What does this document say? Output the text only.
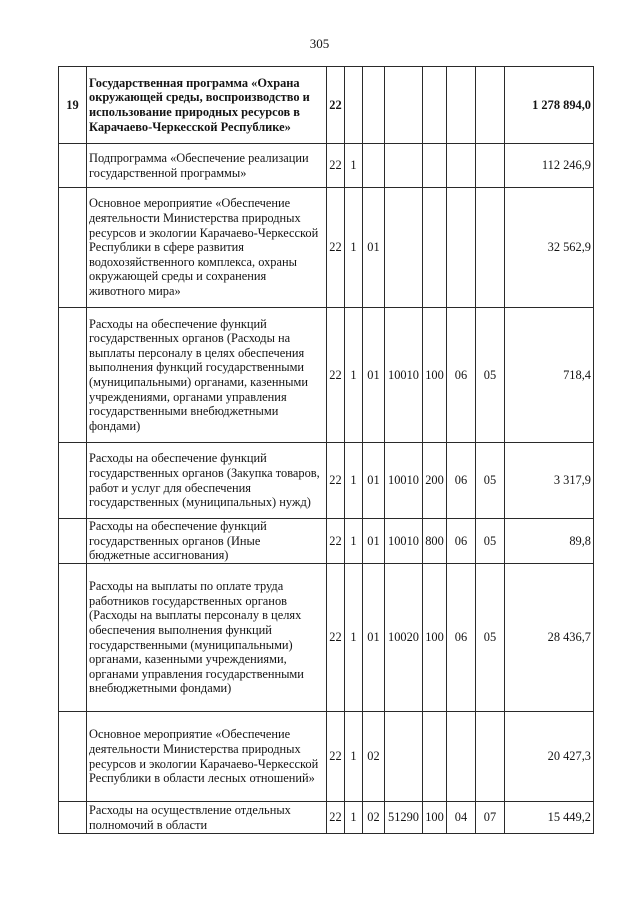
305
19	Государственная программа «Охрана окружающей среды, воспроизводство и использование природных ресурсов в Карачаево-Черкесской Республике»	22							1 278 894,0
	Подпрограмма «Обеспечение реализации государственной программы»	22	1						112 246,9
	Основное мероприятие «Обеспечение деятельности Министерства природных ресурсов и экологии Карачаево-Черкесской Республики в сфере развития водохозяйственного комплекса, охраны окружающей среды и сохранения животного мира»	22	1	01					32 562,9
	Расходы на обеспечение функций государственных органов (Расходы на выплаты персоналу в целях обеспечения выполнения функций государственными (муниципальными) органами, казенными учреждениями, органами управления государственными внебюджетными фондами)	22	1	01	10010	100	06	05	718,4
	Расходы на обеспечение функций государственных органов (Закупка товаров, работ и услуг для обеспечения государственных (муниципальных) нужд)	22	1	01	10010	200	06	05	3 317,9
	Расходы на обеспечение функций государственных органов (Иные бюджетные ассигнования)	22	1	01	10010	800	06	05	89,8
	Расходы на выплаты по оплате труда работников государственных органов (Расходы на выплаты персоналу в целях обеспечения выполнения функций государственными (муниципальными) органами, казенными учреждениями, органами управления государственными внебюджетными фондами)	22	1	01	10020	100	06	05	28 436,7
	Основное мероприятие «Обеспечение деятельности Министерства природных ресурсов и экологии Карачаево-Черкесской Республики в области лесных отношений»	22	1	02					20 427,3
	Расходы на осуществление отдельных полномочий в области	22	1	02	51290	100	04	07	15 449,2
